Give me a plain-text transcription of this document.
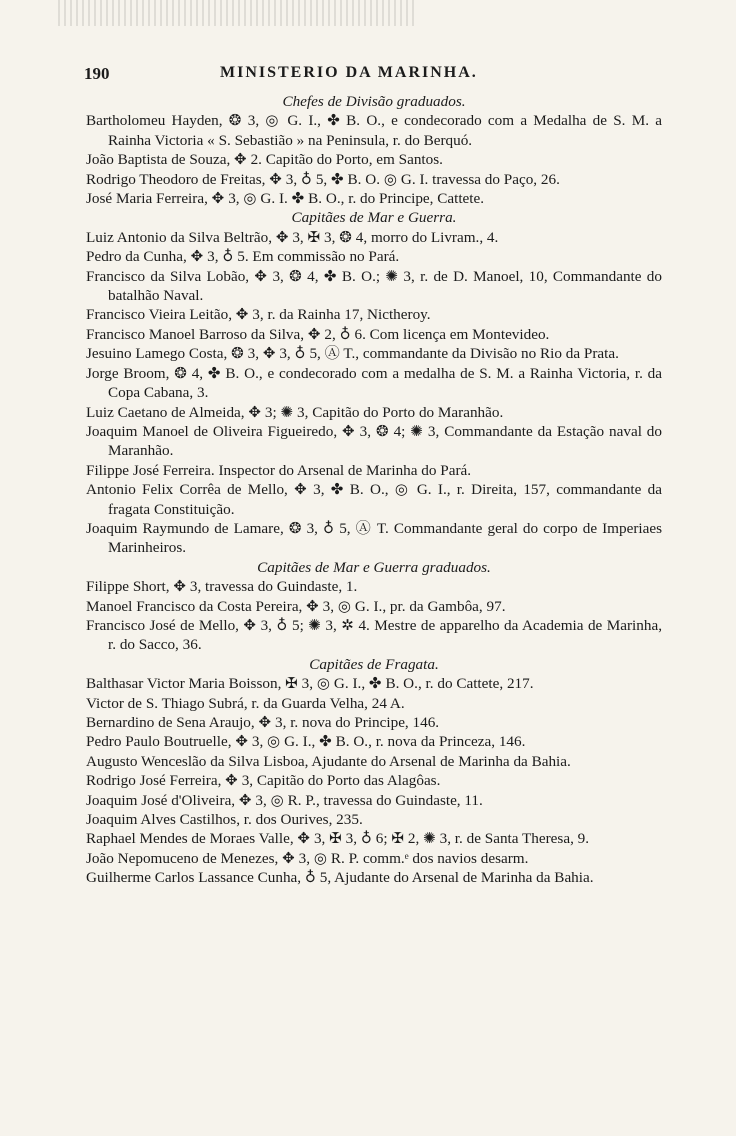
190	MINISTERIO DA MARINHA.
Chefes de Divisão graduados.
Bartholomeu Hayden, ❂ 3, ◎ G. I., ✤ B. O., e condecorado com a Medalha de S. M. a Rainha Victoria « S. Sebastião » na Peninsula, r. do Berquó.
João Baptista de Souza, ✥ 2. Capitão do Porto, em Santos.
Rodrigo Theodoro de Freitas, ✥ 3, ♁ 5, ✤ B. O. ◎ G. I. travessa do Paço, 26.
José Maria Ferreira, ✥ 3, ◎ G. I. ✤ B. O., r. do Principe, Cattete.
Capitães de Mar e Guerra.
Luiz Antonio da Silva Beltrão, ✥ 3, ✠ 3, ❂ 4, morro do Livram., 4.
Pedro da Cunha, ✥ 3, ♁ 5. Em commissão no Pará.
Francisco da Silva Lobão, ✥ 3, ❂ 4, ✤ B. O.; ✺ 3, r. de D. Manoel, 10, Commandante do batalhão Naval.
Francisco Vieira Leitão, ✥ 3, r. da Rainha 17, Nictheroy.
Francisco Manoel Barroso da Silva, ✥ 2, ♁ 6. Com licença em Montevideo.
Jesuino Lamego Costa, ❂ 3, ✥ 3, ♁ 5, Ⓐ T., commandante da Divisão no Rio da Prata.
Jorge Broom, ❂ 4, ✤ B. O., e condecorado com a medalha de S. M. a Rainha Victoria, r. da Copa Cabana, 3.
Luiz Caetano de Almeida, ✥ 3; ✺ 3, Capitão do Porto do Maranhão.
Joaquim Manoel de Oliveira Figueiredo, ✥ 3, ❂ 4; ✺ 3, Commandante da Estação naval do Maranhão.
Filippe José Ferreira. Inspector do Arsenal de Marinha do Pará.
Antonio Felix Corrêa de Mello, ✥ 3, ✤ B. O., ◎ G. I., r. Direita, 157, commandante da fragata Constituição.
Joaquim Raymundo de Lamare, ❂ 3, ♁ 5, Ⓐ T. Commandante geral do corpo de Imperiaes Marinheiros.
Capitães de Mar e Guerra graduados.
Filippe Short, ✥ 3, travessa do Guindaste, 1.
Manoel Francisco da Costa Pereira, ✥ 3, ◎ G. I., pr. da Gambôa, 97.
Francisco José de Mello, ✥ 3, ♁ 5; ✺ 3, ✲ 4. Mestre de apparelho da Academia de Marinha, r. do Sacco, 36.
Capitães de Fragata.
Balthasar Victor Maria Boisson, ✠ 3, ◎ G. I., ✤ B. O., r. do Cattete, 217.
Victor de S. Thiago Subrá, r. da Guarda Velha, 24 A.
Bernardino de Sena Araujo, ✥ 3, r. nova do Principe, 146.
Pedro Paulo Boutruelle, ✥ 3, ◎ G. I., ✤ B. O., r. nova da Princeza, 146.
Augusto Wenceslão da Silva Lisboa, Ajudante do Arsenal de Marinha da Bahia.
Rodrigo José Ferreira, ✥ 3, Capitão do Porto das Alagôas.
Joaquim José d'Oliveira, ✥ 3, ◎ R. P., travessa do Guindaste, 11.
Joaquim Alves Castilhos, r. dos Ourives, 235.
Raphael Mendes de Moraes Valle, ✥ 3, ✠ 3, ♁ 6; ✠ 2, ✺ 3, r. de Santa Theresa, 9.
João Nepomuceno de Menezes, ✥ 3, ◎ R. P. comm.ᵉ dos navios desarm.
Guilherme Carlos Lassance Cunha, ♁ 5, Ajudante do Arsenal de Marinha da Bahia.
